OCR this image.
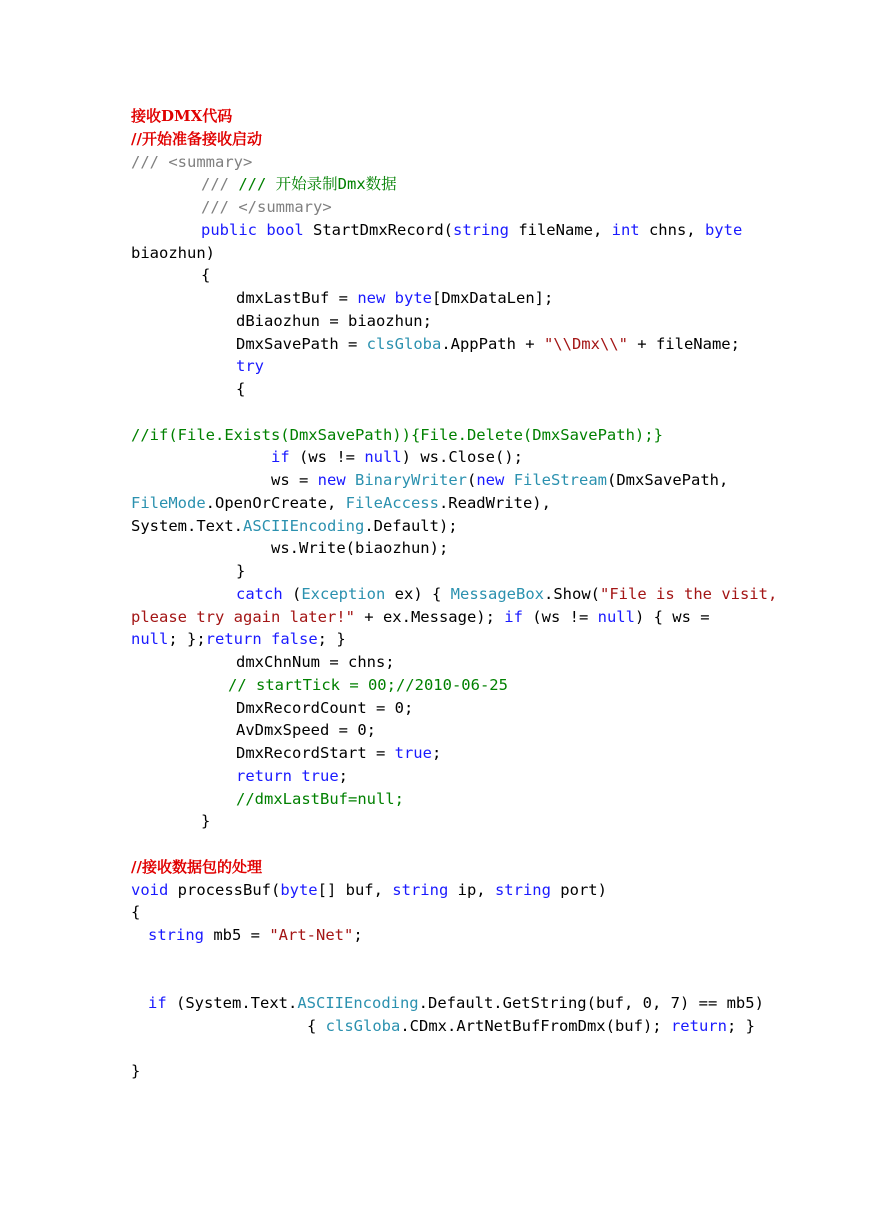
接收DMX代码
//开始准备接收启动
/// <summary>
/// /// 开始录制Dmx数据
/// </summary>
public bool StartDmxRecord(string fileName, int chns, byte
biaozhun)
{
dmxLastBuf = new byte[DmxDataLen];
dBiaozhun = biaozhun;
DmxSavePath = clsGloba.AppPath + "\\Dmx\\" + fileName;
try
{
//if(File.Exists(DmxSavePath)){File.Delete(DmxSavePath);}
if (ws != null) ws.Close();
ws = new BinaryWriter(new FileStream(DmxSavePath,
FileMode.OpenOrCreate, FileAccess.ReadWrite),
System.Text.ASCIIEncoding.Default);
ws.Write(biaozhun);
}
catch (Exception ex) { MessageBox.Show("File is the visit,
please try again later!" + ex.Message); if (ws != null) { ws =
null; };return false; }
dmxChnNum = chns;
// startTick = 00;//2010-06-25
DmxRecordCount = 0;
AvDmxSpeed = 0;
DmxRecordStart = true;
return true;
//dmxLastBuf=null;
}
//接收数据包的处理
void processBuf(byte[] buf, string ip, string port)
{
string mb5 = "Art-Net";
if (System.Text.ASCIIEncoding.Default.GetString(buf, 0, 7) == mb5)
{ clsGloba.CDmx.ArtNetBufFromDmx(buf); return; }
}
